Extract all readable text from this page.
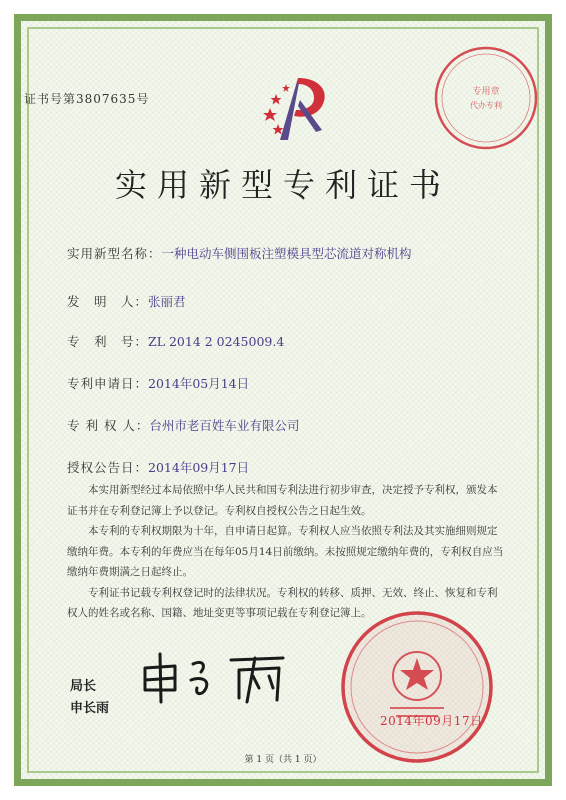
证书号第3807635号	专用章
代办专利
实用新型专利证书
实用新型名称：一种电动车侧围板注塑模具型芯流道对称机构
发　明　人：张丽君
专　利　号：ZL 2014 2 0245009.4
专利申请日：2014年05月14日
专 利 权 人：台州市老百姓车业有限公司
授权公告日：2014年09月17日

本实用新型经过本局依照中华人民共和国专利法进行初步审查，决定授予专利权，颁发本证书并在专利登记簿上予以登记。专利权自授权公告之日起生效。

本专利的专利权期限为十年，自申请日起算。专利权人应当依照专利法及其实施细则规定缴纳年费。本专利的年费应当在每年05月14日前缴纳。未按照规定缴纳年费的，专利权自应当缴纳年费期满之日起终止。

专利证书记载专利权登记时的法律状况。专利权的转移、质押、无效、终止、恢复和专利权人的姓名或名称、国籍、地址变更等事项记载在专利登记簿上。

局长
申长雨
2014年09月17日
第 1 页（共 1 页）
